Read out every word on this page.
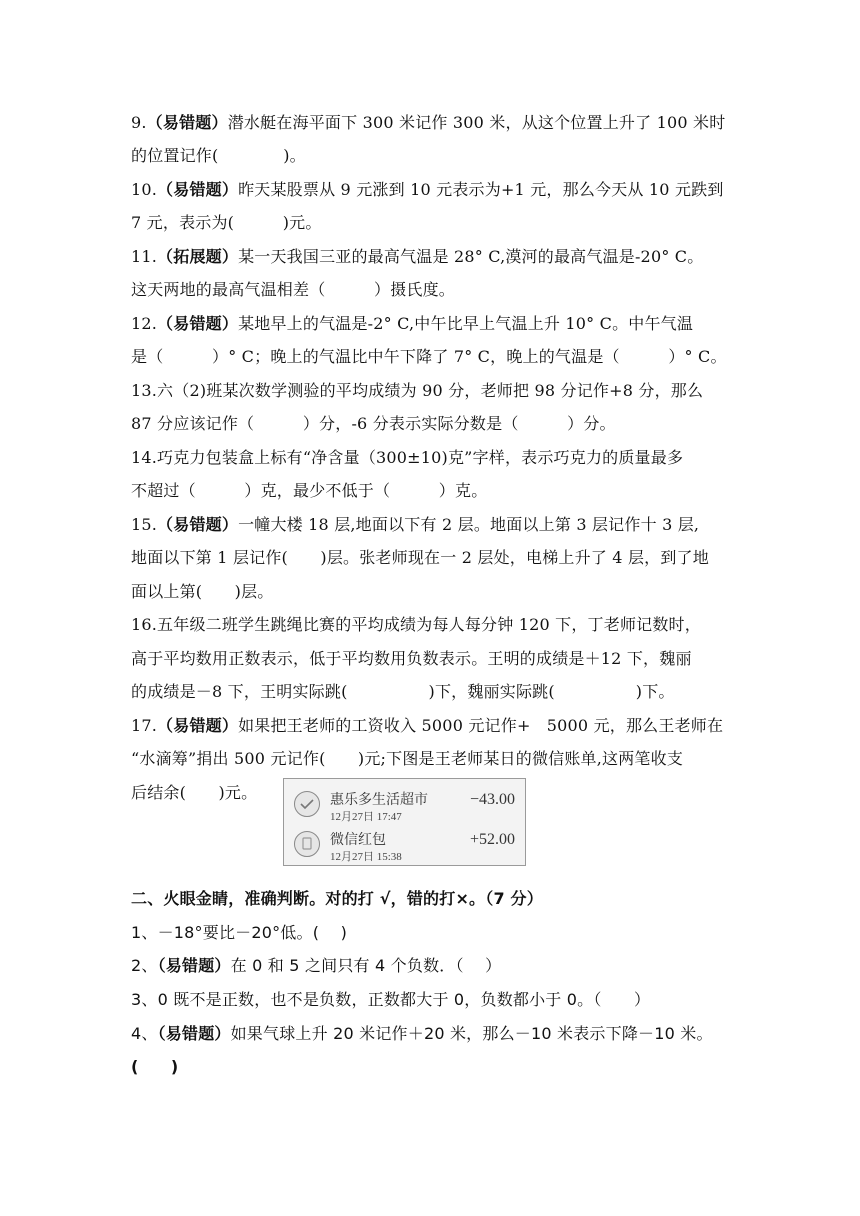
9.（易错题）潜水艇在海平面下 300 米记作 300 米，从这个位置上升了 100 米时
的位置记作(　　　　)。
10.（易错题）昨天某股票从 9 元涨到 10 元表示为+1 元，那么今天从 10 元跌到
7 元，表示为(　　　)元。
11.（拓展题）某一天我国三亚的最高气温是 28° C,漠河的最高气温是-20° C。
这天两地的最高气温相差（　　　）摄氏度。
12.（易错题）某地早上的气温是-2° C,中午比早上气温上升 10° C。中午气温
是（　　　）° C；晚上的气温比中午下降了 7° C，晚上的气温是（　　　）° C。
13.六（2)班某次数学测验的平均成绩为 90 分，老师把 98 分记作+8 分，那么
87 分应该记作（　　　）分，-6 分表示实际分数是（　　　）分。
14.巧克力包装盒上标有“净含量（300±10)克”字样，表示巧克力的质量最多
不超过（　　　）克，最少不低于（　　　）克。
15.（易错题）一幢大楼 18 层,地面以下有 2 层。地面以上第 3 层记作十 3 层,
地面以下第 1 层记作(　　)层。张老师现在一 2 层处，电梯上升了 4 层，到了地
面以上第(　　)层。
16.五年级二班学生跳绳比赛的平均成绩为每人每分钟 120 下，丁老师记数时，
高于平均数用正数表示，低于平均数用负数表示。王明的成绩是＋12 下，魏丽
的成绩是－8 下，王明实际跳(　　　　　)下，魏丽实际跳(　　　　　)下。
17.（易错题）如果把王老师的工资收入 5000 元记作+　5000 元，那么王老师在
“水滴筹”捐出 500 元记作(　　)元;下图是王老师某日的微信账单,这两笔收支
后结余(　　)元。	惠乐多生活超市
12月27日 17:47
−43.00
微信红包
12月27日 15:38
+52.00
二、火眼金睛，准确判断。对的打 √，错的打×。（7 分）
1、－18°要比－20°低。(　 )
2、（易错题）在 0 和 5 之间只有 4 个负数．（　 ）
3、0 既不是正数，也不是负数，正数都大于 0，负数都小于 0。（　　）
4、（易错题）如果气球上升 20 米记作＋20 米，那么－10 米表示下降－10 米。
(　　)
